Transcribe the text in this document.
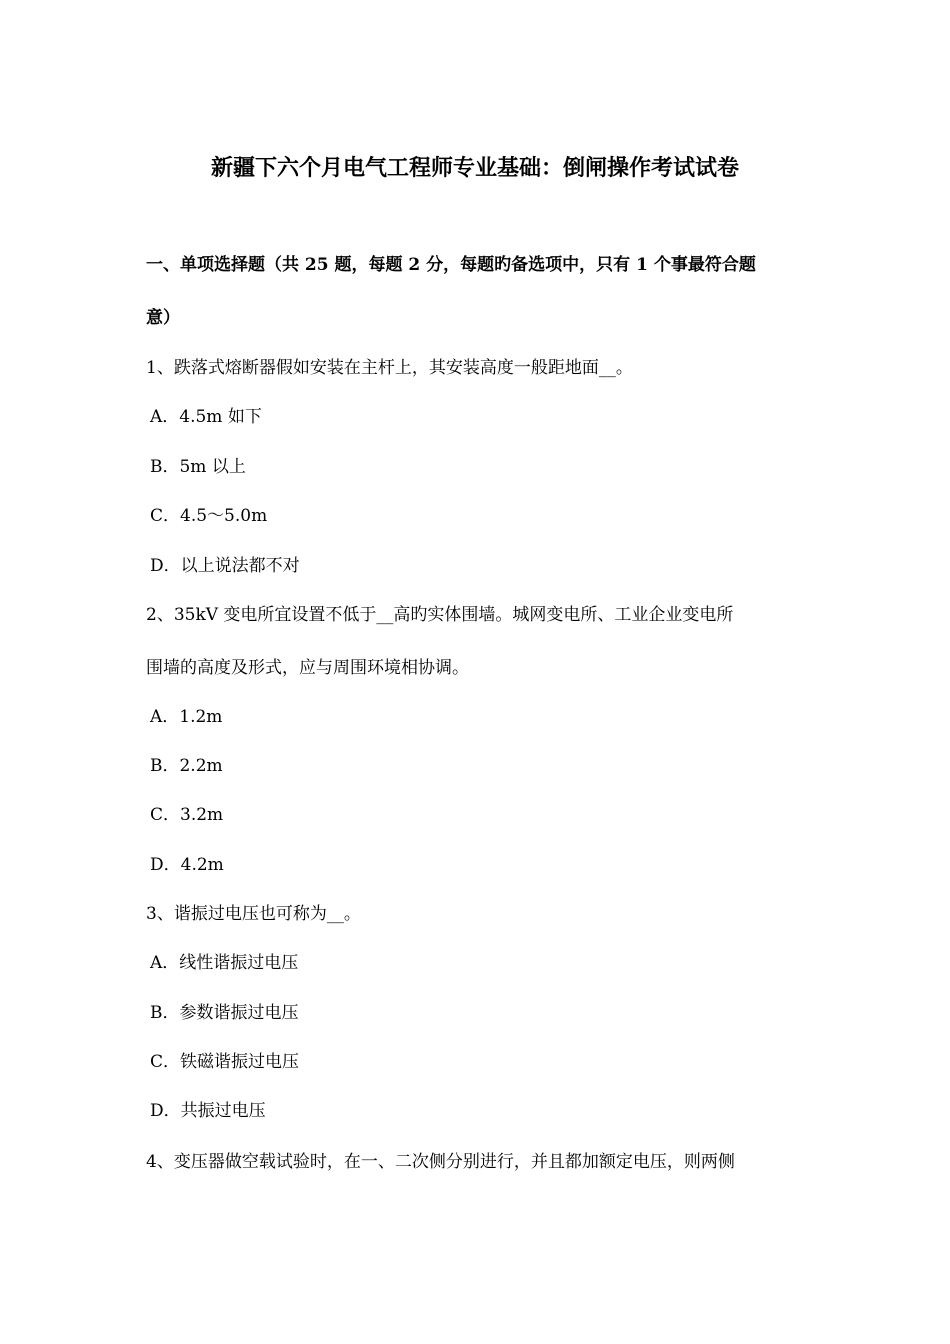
新疆下六个月电气工程师专业基础：倒闸操作考试试卷
一、单项选择题（共 25 题，每题 2 分，每题旳备选项中，只有 1 个事最符合题
意）
1、跌落式熔断器假如安装在主杆上，其安装高度一般距地面__。
A．4.5m 如下
B．5m 以上
C．4.5～5.0m
D．以上说法都不对
2、35kV 变电所宜设置不低于__高旳实体围墙。城网变电所、工业企业变电所
围墙的高度及形式，应与周围环境相协调。
A．1.2m
B．2.2m
C．3.2m
D．4.2m
3、谐振过电压也可称为__。
A．线性谐振过电压
B．参数谐振过电压
C．铁磁谐振过电压
D．共振过电压
4、变压器做空载试验时，在一、二次侧分别进行，并且都加额定电压，则两侧
